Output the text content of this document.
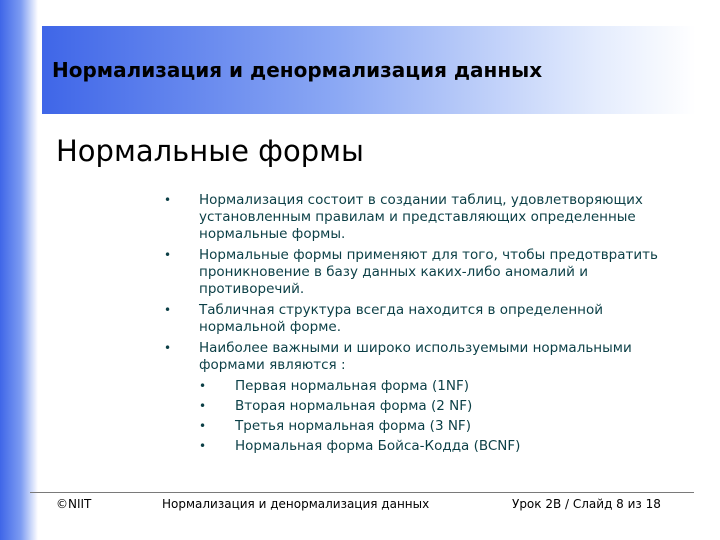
Нормализация и денормализация данных
Нормальные формы
• Нормализация состоит в создании таблиц, удовлетворяющих установленным правилам и представляющих определенные нормальные формы.
• Нормальные формы применяют для того, чтобы предотвратить проникновение в базу данных каких-либо аномалий и противоречий.
• Табличная структура всегда находится в определенной нормальной форме.
• Наиболее важными и широко используемыми нормальными формами являются :
• Первая нормальная форма (1NF)
• Вторая нормальная форма (2 NF)
• Третья нормальная форма (3 NF)
• Нормальная форма Бойса-Кодда (BCNF)
©NIIT	Нормализация и денормализация данных	Урок 2B / Слайд 8 из 18
